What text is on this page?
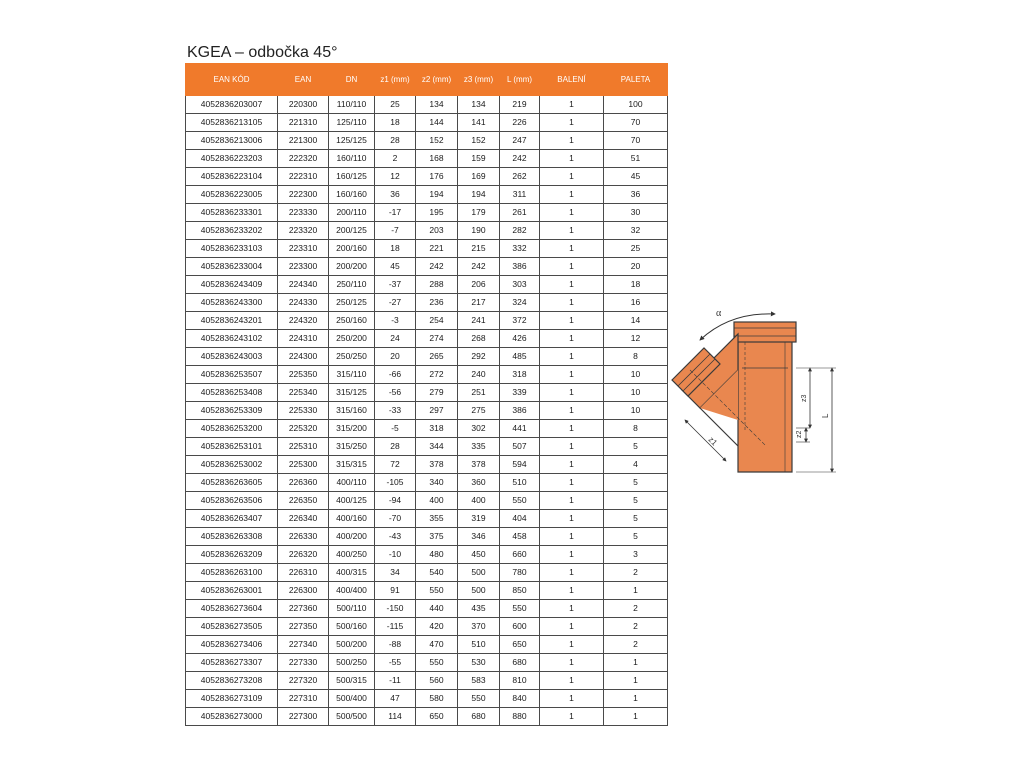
KGEA – odbočka 45°
EAN KÓD	EAN	DN	z1 (mm)	z2 (mm)	z3 (mm)	L (mm)	BALENÍ	PALETA
4052836203007	220300	110/110	25	134	134	219	1	100
4052836213105	221310	125/110	18	144	141	226	1	70
4052836213006	221300	125/125	28	152	152	247	1	70
4052836223203	222320	160/110	2	168	159	242	1	51
4052836223104	222310	160/125	12	176	169	262	1	45
4052836223005	222300	160/160	36	194	194	311	1	36
4052836233301	223330	200/110	-17	195	179	261	1	30
4052836233202	223320	200/125	-7	203	190	282	1	32
4052836233103	223310	200/160	18	221	215	332	1	25
4052836233004	223300	200/200	45	242	242	386	1	20
4052836243409	224340	250/110	-37	288	206	303	1	18
4052836243300	224330	250/125	-27	236	217	324	1	16
4052836243201	224320	250/160	-3	254	241	372	1	14
4052836243102	224310	250/200	24	274	268	426	1	12
4052836243003	224300	250/250	20	265	292	485	1	8
4052836253507	225350	315/110	-66	272	240	318	1	10
4052836253408	225340	315/125	-56	279	251	339	1	10
4052836253309	225330	315/160	-33	297	275	386	1	10
4052836253200	225320	315/200	-5	318	302	441	1	8
4052836253101	225310	315/250	28	344	335	507	1	5
4052836253002	225300	315/315	72	378	378	594	1	4
4052836263605	226360	400/110	-105	340	360	510	1	5
4052836263506	226350	400/125	-94	400	400	550	1	5
4052836263407	226340	400/160	-70	355	319	404	1	5
4052836263308	226330	400/200	-43	375	346	458	1	5
4052836263209	226320	400/250	-10	480	450	660	1	3
4052836263100	226310	400/315	34	540	500	780	1	2
4052836263001	226300	400/400	91	550	500	850	1	1
4052836273604	227360	500/110	-150	440	435	550	1	2
4052836273505	227350	500/160	-115	420	370	600	1	2
4052836273406	227340	500/200	-88	470	510	650	1	2
4052836273307	227330	500/250	-55	550	530	680	1	1
4052836273208	227320	500/315	-11	560	583	810	1	1
4052836273109	227310	500/400	47	580	550	840	1	1
4052836273000	227300	500/500	114	650	680	880	1	1
α
z1
z2
z3
L
